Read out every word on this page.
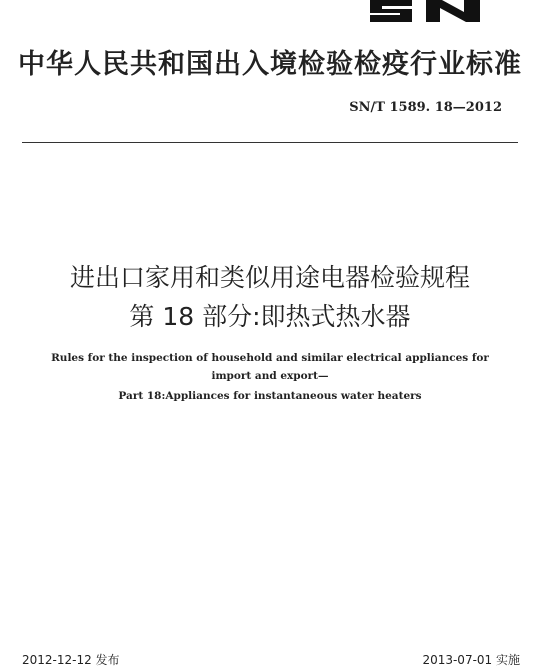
中华人民共和国出入境检验检疫行业标准
SN/T 1589. 18—2012
进出口家用和类似用途电器检验规程
第 18 部分:即热式热水器
Rules for the inspection of household and similar electrical appliances for
import and export—
Part 18:Appliances for instantaneous water heaters
2012-12-12 发布	2013-07-01 实施
